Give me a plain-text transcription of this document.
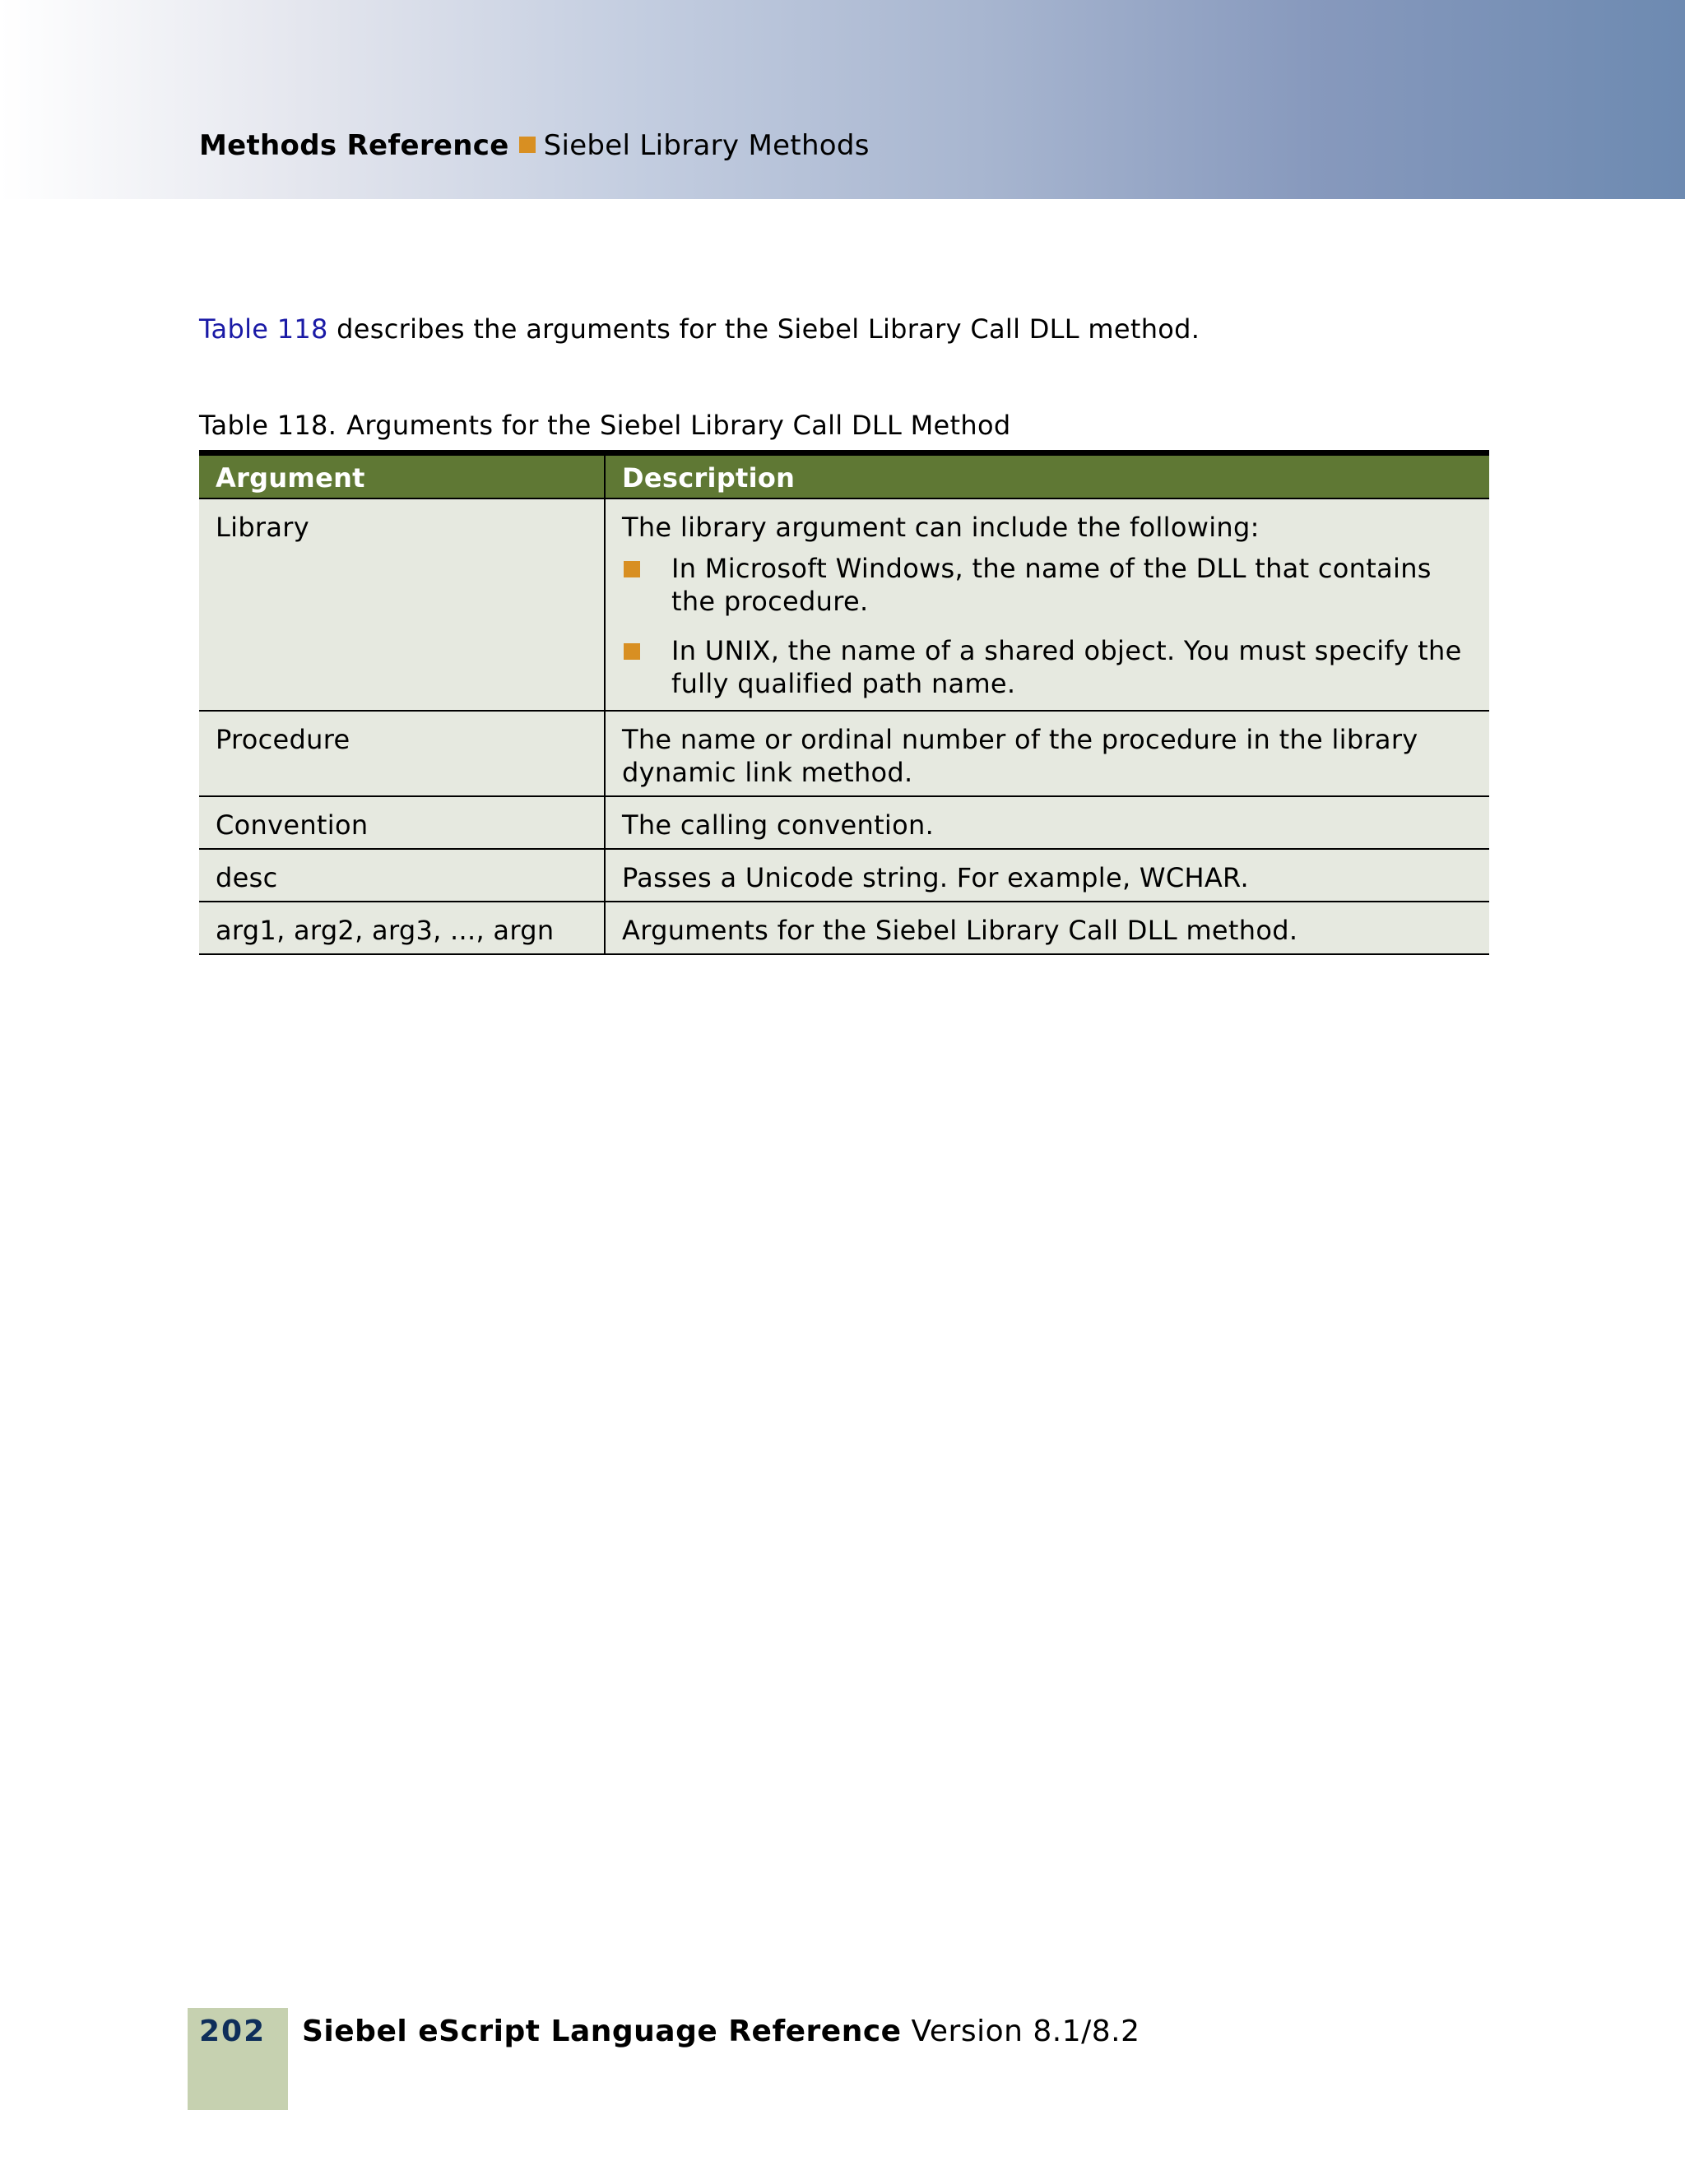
Methods Reference Siebel Library Methods
Table 118 describes the arguments for the Siebel Library Call DLL method.
Table 118. Arguments for the Siebel Library Call DLL Method
Argument	Description
Library	The library argument can include the following:
In Microsoft Windows, the name of the DLL that contains the procedure.
In UNIX, the name of a shared object. You must specify the fully qualified path name.

Procedure	The name or ordinal number of the procedure in the library dynamic link method.
Convention	The calling convention.
desc	Passes a Unicode string. For example, WCHAR.
arg1, arg2, arg3, ..., argn	Arguments for the Siebel Library Call DLL method.
202 Siebel eScript Language Reference Version 8.1/8.2
